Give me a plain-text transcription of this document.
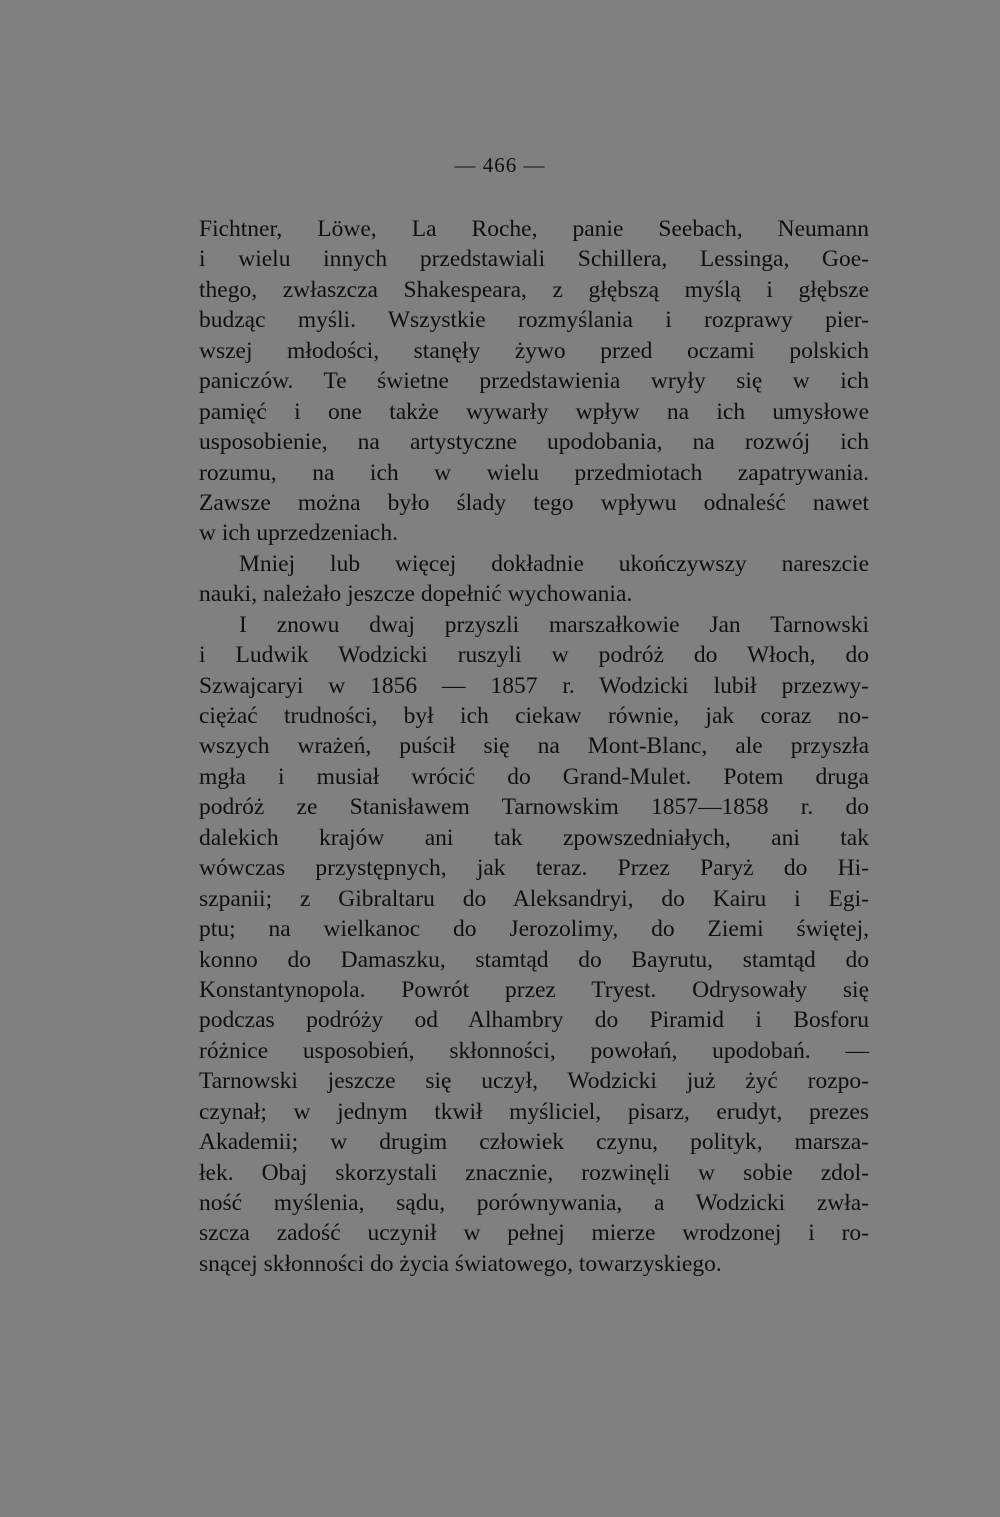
— 466 —
Fichtner, Löwe, La Roche, panie Seebach, Neumann
i wielu innych przedstawiali Schillera, Lessinga, Goe-
thego, zwłaszcza Shakespeara, z głębszą myślą i głębsze
budząc myśli. Wszystkie rozmyślania i rozprawy pier-
wszej młodości, stanęły żywo przed oczami polskich
paniczów. Te świetne przedstawienia wryły się w ich
pamięć i one także wywarły wpływ na ich umysłowe
usposobienie, na artystyczne upodobania, na rozwój ich
rozumu, na ich w wielu przedmiotach zapatrywania.
Zawsze można było ślady tego wpływu odnaleść nawet
w ich uprzedzeniach.
Mniej lub więcej dokładnie ukończywszy nareszcie
nauki, należało jeszcze dopełnić wychowania.
I znowu dwaj przyszli marszałkowie Jan Tarnowski
i Ludwik Wodzicki ruszyli w podróż do Włoch, do
Szwajcaryi w 1856 — 1857 r. Wodzicki lubił przezwy-
ciężać trudności, był ich ciekaw równie, jak coraz no-
wszych wrażeń, puścił się na Mont-Blanc, ale przyszła
mgła i musiał wrócić do Grand-Mulet. Potem druga
podróż ze Stanisławem Tarnowskim 1857—1858 r. do
dalekich krajów ani tak zpowszedniałych, ani tak
wówczas przystępnych, jak teraz. Przez Paryż do Hi-
szpanii; z Gibraltaru do Aleksandryi, do Kairu i Egi-
ptu; na wielkanoc do Jerozolimy, do Ziemi świętej,
konno do Damaszku, stamtąd do Bayrutu, stamtąd do
Konstantynopola. Powrót przez Tryest. Odrysowały się
podczas podróży od Alhambry do Piramid i Bosforu
różnice usposobień, skłonności, powołań, upodobań. —
Tarnowski jeszcze się uczył, Wodzicki już żyć rozpo-
czynał; w jednym tkwił myśliciel, pisarz, erudyt, prezes
Akademii; w drugim człowiek czynu, polityk, marsza-
łek. Obaj skorzystali znacznie, rozwinęli w sobie zdol-
ność myślenia, sądu, porównywania, a Wodzicki zwła-
szcza zadość uczynił w pełnej mierze wrodzonej i ro-
snącej skłonności do życia światowego, towarzyskiego.
